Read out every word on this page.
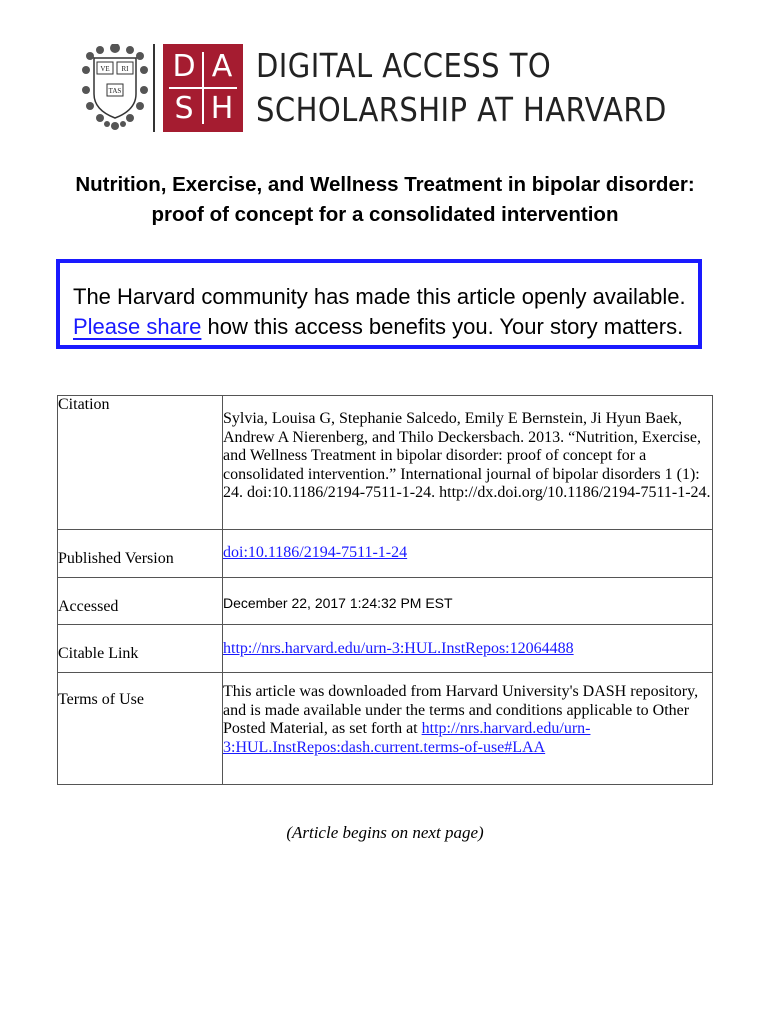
VE RI
TAS
D A
S H
DIGITAL ACCESS TO
SCHOLARSHIP AT HARVARD
Nutrition, Exercise, and Wellness Treatment in bipolar disorder:
proof of concept for a consolidated intervention
The Harvard community has made this article openly available.
Please share how this access benefits you. Your story matters.
Citation	Sylvia, Louisa G, Stephanie Salcedo, Emily E Bernstein, Ji Hyun Baek, Andrew A Nierenberg, and Thilo Deckersbach. 2013. “Nutrition, Exercise, and Wellness Treatment in bipolar disorder: proof of concept for a consolidated intervention.” International journal of bipolar disorders 1 (1): 24. doi:10.1186/2194-7511-1-24. http://dx.doi.org/10.1186/2194-7511-1-24.
Published Version	doi:10.1186/2194-7511-1-24
Accessed	December 22, 2017 1:24:32 PM EST
Citable Link	http://nrs.harvard.edu/urn-3:HUL.InstRepos:12064488
Terms of Use	This article was downloaded from Harvard University's DASH repository, and is made available under the terms and conditions applicable to Other Posted Material, as set forth at http://nrs.harvard.edu/urn-3:HUL.InstRepos:dash.current.terms-of-use#LAA
(Article begins on next page)
